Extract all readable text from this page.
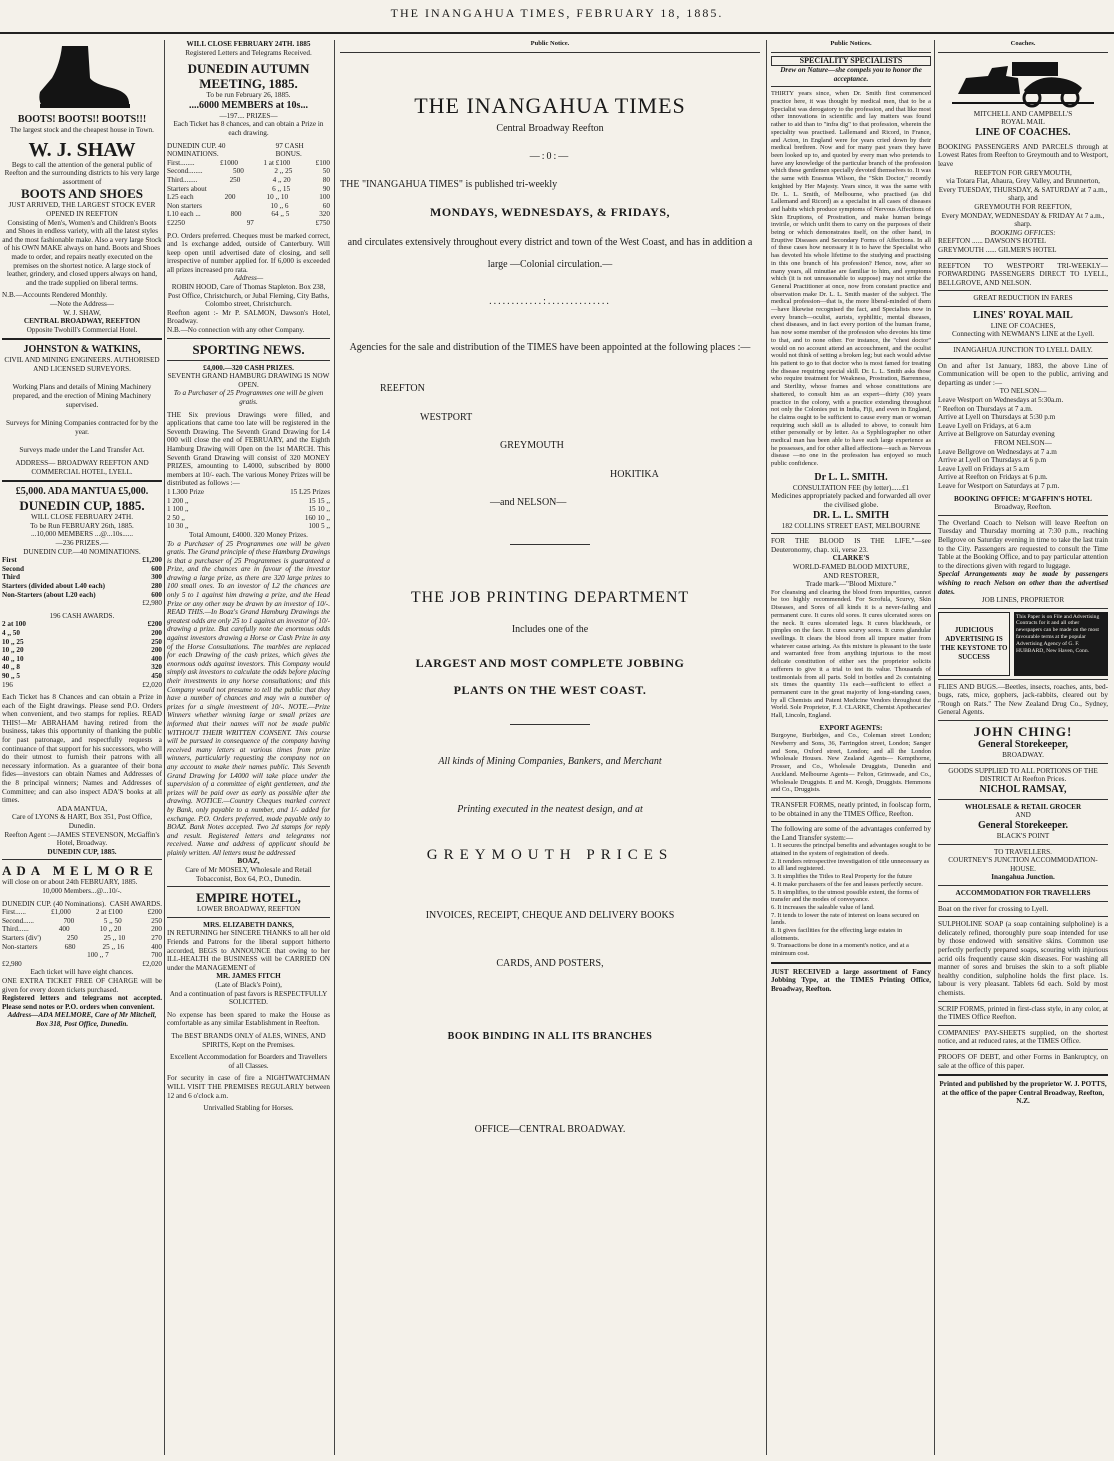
THE INANGAHUA TIMES, FEBRUARY 18, 1885.
BOOTS! BOOTS!! BOOTS!!!
The largest stock and the cheapest house in Town.
W. J. SHAW
Begs to call the attention of the general public of Reefton and the surrounding districts to his very large assortment of
BOOTS AND SHOES
JUST ARRIVED, THE LARGEST STOCK EVER OPENED IN REEFTON
Consisting of Men's, Women's and Children's Boots and Shoes in endless variety, with all the latest styles and the most fashionable make. Also a very large Stock of his OWN MAKE always on hand. Boots and Shoes made to order, and repairs neatly executed on the premises on the shortest notice. A large stock of leather, grindery, and closed uppers always on hand, and the trade supplied on liberal terms.
N.B.—Accounts Rendered Monthly.
—Note the Address—
W. J. SHAW,
CENTRAL BROADWAY, REEFTON
Opposite Twohill's Commercial Hotel.
JOHNSTON & WATKINS,
CIVIL AND MINING ENGINEERS. AUTHORISED AND LICENSED SURVEYORS.
Working Plans and details of Mining Machinery prepared, and the erection of Mining Machinery supervised.
Surveys for Mining Companies contracted for by the year.
Surveys made under the Land Transfer Act.
ADDRESS— BROADWAY REEFTON AND COMMERCIAL HOTEL, LYELL.
£5,000. ADA MANTUA £5,000.
DUNEDIN CUP, 1885.
WILL CLOSE FEBRUARY 24TH.
To be Run FEBRUARY 26th, 1885.
...10,000 MEMBERS ...@...10s......
—236 PRIZES.—
DUNEDIN CUP.—40 NOMINATIONS.
First	£1,200
Second	600
Third	300
Starters (divided about L40 each)	280
Non-Starters (about L20 each)	600
£2,980
196 CASH AWARDS.
2 at 100	£200
4 ,, 50	200
10 ,, 25	250
10 ,, 20	200
40 ,, 10	400
40 ,, 8	320
90 ,, 5	450
196	£2,020
Each Ticket has 8 Chances and can obtain a Prize in each of the Eight drawings. Please send P.O. Orders when convenient, and two stamps for replies. READ THIS!—Mr ABRAHAM having retired from the business, takes this opportunity of thanking the public for past patronage, and respectfully requests a continuance of that support for his successors, who will do their utmost to furnish their patrons with all necessary information. As a guarantee of their bona fides—investors can obtain Names and Addresses of the 8 principal winners; Names and Addresses of Committee; and can also inspect ADA'S books at all times.
ADA MANTUA,
Care of LYONS & HART, Box 351, Post Office, Dunedin.
Reefton Agent :—JAMES STEVENSON, McGaffin's Hotel, Broadway.
DUNEDIN CUP, 1885.
ADA MELMORE
will close on or about 24th FEBRUARY, 1885.
10,000 Members...@...10/-.
DUNEDIN CUP. (40 Nominations). CASH AWARDS.
First......	£1,000	2 at £100	£200
Second......	700	5 ,, 50	250
Third......	400	10 ,, 20	200
Starters (div')	250	25 ,, 10	270
Non-starters	680	25 ,, 16	400
100 ,, 7	700
£2,980	£2,020
Each ticket will have eight chances.
ONE EXTRA TICKET FREE OF CHARGE will be given for every dozen tickets purchased.
Registered letters and telegrams not accepted. Please send notes or P.O. orders when convenient.
Address—ADA MELMORE, Care of Mr Mitchell, Box 318, Post Office, Dunedin.
WILL CLOSE FEBRUARY 24TH. 1885
Registered Letters and Telegrams Received.
DUNEDIN AUTUMN MEETING, 1885.
To be run February 26, 1885.
....6000 MEMBERS at 10s...
—197.... PRIZES—
Each Ticket has 8 chances, and can obtain a Prize in each drawing.
DUNEDIN CUP. 40 NOMINATIONS.
97 CASH BONUS.
First........	£1000	1 at £100	£100
Second........	500	2 ,, 25	50
Third........	250	4 ,, 20	80
Starters about	6 ,, 15	90
L25 each	200	10 ,, 10	100
Non starters	10 ,, 6	60
L10 each ...	800	64 ,, 5	320
£2250	97	£750
P.O. Orders preferred. Cheques must be marked correct, and 1s exchange added, outside of Canterbury. Will keep open until advertised date of closing, and sell irrespective of number applied for. If 6,000 is exceeded all prizes increased pro rata.
Address—
ROBIN HOOD, Care of Thomas Stapleton. Box 238, Post Office, Christchurch, or Jubal Fleming, City Baths, Colombo street, Christchurch.
Reefton agent :- Mr P. SALMON, Dawson's Hotel, Broadway.
N.B.—No connection with any other Company.
SPORTING NEWS.
£4,000.—320 CASH PRIZES.
SEVENTH GRAND HAMBURG DRAWING IS NOW OPEN.
To a Purchaser of 25 Programmes one will be given gratis.
THE Six previous Drawings were filled, and applications that came too late will be registered in the Seventh Drawing. The Seventh Grand Drawing for L4 000 will close the end of FEBRUARY, and the Eighth Hamburg Drawing will Open on the 1st MARCH. This Seventh Grand Drawing will consist of 320 MONEY PRIZES, amounting to L4000, subscribed by 8000 members at 10/- each. The various Money Prizes will be distributed as follows :—
1 L300 Prize	15 L25 Prizes
1 200 ,,	15 15 ,,
1 100 ,,	15 10 ,,
2 50 ,,	160 10 ,,
10 30 ,,	100 5 ,,
Total Amount, £4000. 320 Money Prizes.
To a Purchaser of 25 Programmes one will be given gratis. The Grand principle of these Hamburg Drawings is that a purchaser of 25 Programmes is guaranteed a Prize, and the chances are in favour of the investor drawing a large prize, as there are 320 large prizes to 100 small ones. To an investor of L2 the chances are only 5 to 1 against him drawing a prize, and the Head Prize or any other may be drawn by an investor of 10/-. READ THIS.—In Boaz's Grand Hamburg Drawings the greatest odds are only 25 to 1 against an investor of 10/- drawing a prize. But carefully note the enormous odds against investors drawing a Horse or Cash Prize in any of the Horse Consultations. The marbles are replaced for each Drawing of the cash prizes, which gives the enormous odds against investors. This Company would simply ask investors to calculate the odds before placing their investments in any horse consultations; and this Company would not presume to tell the public that they have a number of chances and may win a number of prizes for a single investment of 10/-. NOTE.—Prize Winners whether winning large or small prizes are informed that their names will not be made public WITHOUT THEIR WRITTEN CONSENT. This course will be pursued in consequence of the company having received many letters at various times from prize winners, particularly requesting the company not on any account to make their names public. This Seventh Grand Drawing for L4000 will take place under the supervision of a committee of eight gentlemen, and the prizes will be paid over as early as possible after the drawing. NOTICE.—Country Cheques marked correct by Bank, only payable to a number, and 1/- added for exchange. P.O. Orders preferred, made payable only to BOAZ. Bank Notes accepted. Two 2d stamps for reply and result. Registered letters and telegrams not received. Name and address of applicant should be plainly written. All letters must be addressed
BOAZ,
Care of Mr MOSELY, Wholesale and Retail Tobacconist, Box 64, P.O., Dunedin.
EMPIRE HOTEL,
LOWER BROADWAY, REEFTON
MRS. ELIZABETH DANKS,
IN RETURNING her SINCERE THANKS to all her old Friends and Patrons for the liberal support hitherto accorded, BEGS to ANNOUNCE that owing to her ILL-HEALTH the BUSINESS will be CARRIED ON under the MANAGEMENT of
MR. JAMES FITCH
(Late of Black's Point),
And a continuation of past favors is RESPECTFULLY SOLICITED.
No expense has been spared to make the House as comfortable as any similar Establishment in Reefton.
The BEST BRANDS ONLY of ALES, WINES, AND SPIRITS, Kept on the Premises.
Excellent Accommodation for Boarders and Travellers of all Classes.
For security in case of fire a NIGHTWATCHMAN WILL VISIT THE PREMISES REGULARLY between 12 and 6 o'clock a.m.
Unrivalled Stabling for Horses.
Public Notice.
THE INANGAHUA TIMES
Central Broadway Reefton
—:0:—
THE "INANGAHUA TIMES" is published tri-weekly
MONDAYS, WEDNESDAYS, & FRIDAYS,
and circulates extensively throughout every district and town of the West Coast, and has in addition a large —Colonial circulation.—
............:..............
Agencies for the sale and distribution of the TIMES have been appointed at the following places :—
REEFTON
WESTPORT
GREYMOUTH
HOKITIKA
—and NELSON—
THE JOB PRINTING DEPARTMENT
Includes one of the
LARGEST AND MOST COMPLETE JOBBING
PLANTS ON THE WEST COAST.
All kinds of Mining Companies, Bankers, and Merchant
Printing executed in the neatest design, and at
GREYMOUTH PRICES
INVOICES, RECEIPT, CHEQUE AND DELIVERY BOOKS
CARDS, AND POSTERS,
BOOK BINDING IN ALL ITS BRANCHES
OFFICE—CENTRAL BROADWAY.
Public Notices.
SPECIALITY SPECIALISTS
Drew on Nature—she compels you to honor the acceptance.
THIRTY years since, when Dr. Smith first commenced practice here, it was thought by medical men, that to be a Specialist was derogatory to the profession, and that like most other innovations in scientific and lay matters was found rather to aid than to "infra dig" to that profession, wherein the speciality was practised. Lallemand and Ricord, in France, and Acton, in England were for years cried down by their medical brethren. Now and for many past years they have been looked up to, and quoted by every man who pretends to have any knowledge of the particular branch of the profession which these gentlemen specially devoted themselves to. It was the same with Erasmus Wilson, the "Skin Doctor," recently knighted by Her Majesty. Years since, it was the same with Dr. L. L. Smith, of Melbourne, who practised (as did Lallemand and Ricord) as a specialist in all cases of diseases and habits which produce symptoms of Nervous Affections of Skin Eruptions, of Prostration, and make human beings invirile, or which unfit them to carry on the purposes of their being or which demonstrates itself, on the other hand, in Eruptive Diseases and Secondary Forms of Affections. In all of these cases how necessary it is to have the Specialist who has devoted his whole lifetime to the studying and practising in this one branch of his profession? Hence, now, after so many years, all minutiae are familiar to him, and symptoms which (it is not unreasonable to suppose) may not strike the General Practitioner at once, now from constant practice and observation make Dr. L. L. Smith master of the subject. The medical profession—that is, the more liberal-minded of them—have likewise recognised the fact, and Specialists now in every branch—oculist, aurists, syphilitic, mental diseases, chest diseases, and in fact every portion of the human frame, has now some member of the profession who devotes his time to that, and to none other. For instance, the "chest doctor" would on no account attend an accouchment, and the oculist would not think of setting a broken leg; but each would advise his patient to go to that doctor who is most famed for treating the disease requiring special skill. Dr. L. L. Smith asks those who require treatment for Weakness, Prostration, Barrenness, and Sterility, whose frames and whose constitutions are shattered, to consult him as an expert—thirty (30) years practice in the colony, with a practice extending throughout not only the Colonies put in India, Fiji, and even in England, he claims ought to be sufficient to cause every man or woman requiring such skill as is alluded to above, to consult him either personally or by letter. As a Syphilographer no other medical man has been able to have such large experience as he possesses, and for other allied affections—such as Nervous disease —no one in the profession has enjoyed so much public confidence.
Dr L. L. SMITH.
CONSULTATION FEE (by letter)......£1
Medicines appropriately packed and forwarded all over the civilised globe.
DR. L. L. SMITH
182 COLLINS STREET EAST, MELBOURNE
FOR THE BLOOD IS THE LIFE."—see Deuteronomy, chap. xii, verse 23.
CLARKE'S
WORLD-FAMED BLOOD MIXTURE,
AND RESTORER,
Trade mark—"Blood Mixture."
For cleansing and clearing the blood from impurities, cannot be too highly recommended. For Scrofula, Scurvy, Skin Diseases, and Sores of all kinds it is a never-failing and permanent cure. It cures old sores. It cures ulcerated sores on the neck. It cures ulcerated legs. It cures blackheads, or pimples on the face. It cures scurvy sores. It cures glandular swellings. It clears the blood from all impure matter from whatever cause arising. As this mixture is pleasant to the taste and warranted free from anything injurious to the most delicate constitution of either sex the proprietor solicits sufferers to give it a trial to test its value. Thousands of testimonials from all parts. Sold in bottles and 2s containing six times the quantity 11s each—sufficient to effect a permanent cure in the great majority of long-standing cases, by all Chemists and Patent Medicine Vendors throughout the World. Sole Proprietor, F. J. CLARKE, Chemist Apothecaries' Hall, Lincoln, England.
EXPORT AGENTS:
Burgoyne, Burbidges, and Co., Coleman street London; Newberry and Sons, 36, Farringdon street, London; Sanger and Sons, Oxford street, London; and all the London Wholesale Houses. New Zealand Agents— Kempthorne, Prosser, and Co., Wholesale Druggists, Dunedin and Auckland. Melbourne Agents— Felton, Grimwade, and Co., Wholesale Druggists. E and M. Keogh, Druggists. Hemmons and Co., Druggists.
TRANSFER FORMS, neatly printed, in foolscap form, to be obtained in any the TIMES Office, Reefton.
The following are some of the advantages conferred by the Land Transfer system:—
1. It secures the principal benefits and advantages sought to be attained in the system of registration of deeds.
2. It renders retrospective investigation of title unnecessary as to all land registered.
3. It simplifies the Titles to Real Property for the future
4. It make purchasers of the fee and leases perfectly secure.
5. It simplifies, to the utmost possible extent, the forms of transfer and the modes of conveyance.
6. It increases the saleable value of land.
7. It tends to lower the rate of interest on loans secured on lands.
8. It gives facilities for the effecting large estates in allotments.
9. Transactions be done in a moment's notice, and at a minimum cost.
JUST RECEIVED a large assortment of Fancy Jobbing Type, at the TIMES Printing Office, Broadway, Reefton.
Coaches.
MITCHELL AND CAMPBELL'S
ROYAL MAIL
LINE OF COACHES.
BOOKING PASSENGERS AND PARCELS through at Lowest Rates from Reefton to Greymouth and to Westport, leave
REEFTON FOR GREYMOUTH,
via Totara Flat, Ahaura, Grey Valley, and Brunnerton, Every TUESDAY, THURSDAY, & SATURDAY at 7 a.m., sharp, and
GREYMOUTH FOR REEFTON,
Every MONDAY, WEDNESDAY & FRIDAY At 7 a.m., sharp.
BOOKING OFFICES:
REEFTON ...... DAWSON'S HOTEL
GREYMOUTH ...... GILMER'S HOTEL
REEFTON TO WESTPORT TRI-WEEKLY—FORWARDING PASSENGERS DIRECT TO LYELL, BELLGROVE, AND NELSON.
GREAT REDUCTION IN FARES
LINES' ROYAL MAIL
LINE OF COACHES,
Connecting with NEWMAN'S LINE at the Lyell.
INANGAHUA JUNCTION TO LYELL DAILY.
On and after 1st January, 1883, the above Line of Communication will be open to the public, arriving and departing as under :—
TO NELSON—
Leave Westport on Wednesdays at 5:30a.m.
" Reefton on Thursdays at 7 a.m.
Arrive at Lyell on Thursdays at 5:30 p.m
Leave Lyell on Fridays, at 6 a.m
Arrive at Bellgrove on Saturday evening
FROM NELSON—
Leave Bellgrove on Wednesdays at 7 a.m
Arrive at Lyell on Thursdays at 6 p.m
Leave Lyell on Fridays at 5 a.m
Arrive at Reefton on Fridays at 6 p.m.
Leave for Westport on Saturdays at 7 p.m.
BOOKING OFFICE: M'GAFFIN'S HOTEL
Broadway, Reefton.
The Overland Coach to Nelson will leave Reefton on Tuesday and Thursday morning at 7:30 p.m., reaching Bellgrove on Saturday evening in time to take the last train to the City. Passengers are requested to consult the Time Table at the Booking Office, and to pay particular attention to the directions given with regard to luggage.
Special Arrangements may be made by passengers wishing to reach Nelson on other than the advertised dates.
JOB LINES, PROPRIETOR
JUDICIOUS ADVERTISING IS THE KEYSTONE TO SUCCESS
This Paper is on File and Advertising Contracts for it and all other newspapers can be made on the most favourable terms at the popular Advertising Agency of G. F. HUBBARD, New Haven, Conn.
FLIES AND BUGS.—Beetles, insects, roaches, ants, bed-bugs, rats, mice, gophers, jack-rabbits, cleared out by "Rough on Rats." The New Zealand Drug Co., Sydney, General Agents.
JOHN CHING!
General Storekeeper,
BROADWAY.
GOODS SUPPLIED TO ALL PORTIONS OF THE DISTRICT At Reefton Prices.
NICHOL RAMSAY,
WHOLESALE & RETAIL GROCER
AND
General Storekeeper.
BLACK'S POINT
TO TRAVELLERS.
COURTNEY'S JUNCTION ACCOMMODATION-HOUSE.
Inangahua Junction.
ACCOMMODATION FOR TRAVELLERS
Boat on the river for crossing to Lyell.
SULPHOLINE SOAP (a soap containing sulpholine) is a delicately refined, thoroughly pure soap intended for use by those endowed with sensitive skins. Common use perfectly perfectly prepared soaps, scouring with injurious acrid oils frequently cause skin diseases. For washing all manner of sores and bruises the skin to a soft pliable healthy condition, sulpholine holds the first place. 1s. labour is very pleasant. Tablets 6d each. Sold by most chemists.
SCRIP FORMS, printed in first-class style, in any color, at the TIMES Office Reefton.
COMPANIES' PAY-SHEETS supplied, on the shortest notice, and at reduced rates, at the TIMES Office.
PROOFS OF DEBT, and other Forms in Bankruptcy, on sale at the office of this paper.
Printed and published by the proprietor W. J. POTTS, at the office of the paper Central Broadway, Reefton, N.Z.
